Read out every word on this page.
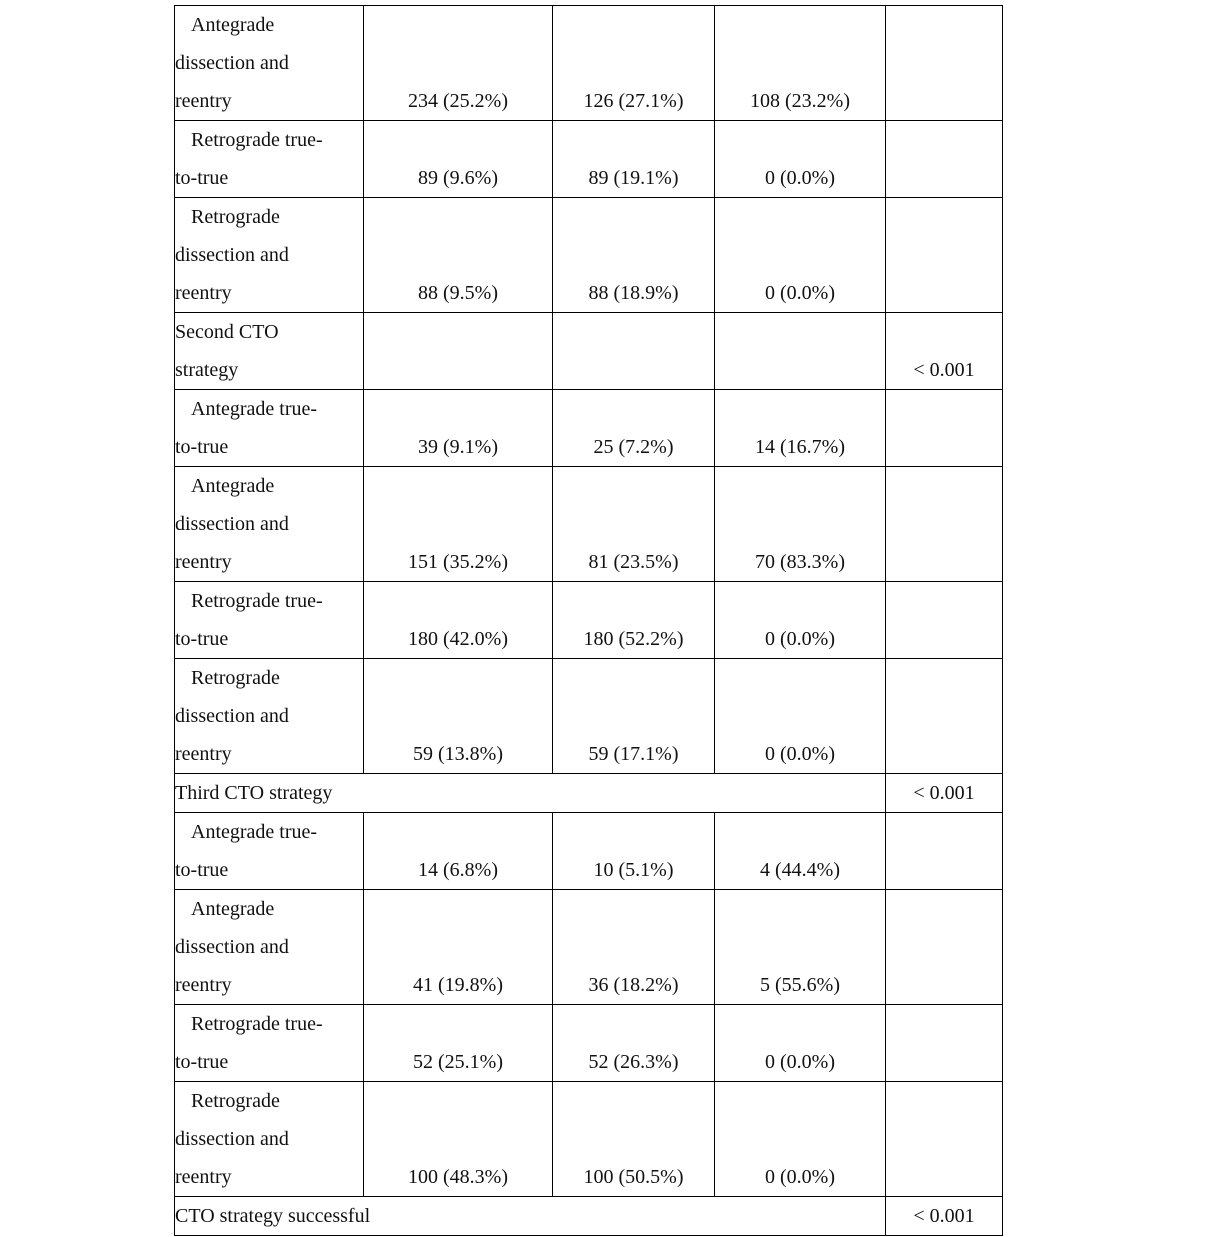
Antegrade
dissection and
reentry	234 (25.2%)	126 (27.1%)	108 (23.2%)	

Retrograde true-
to-true	89 (9.6%)	89 (19.1%)	0 (0.0%)	

Retrograde
dissection and
reentry	88 (9.5%)	88 (18.9%)	0 (0.0%)	

Second CTO
strategy				< 0.001

Antegrade true-
to-true	39 (9.1%)	25 (7.2%)	14 (16.7%)	

Antegrade
dissection and
reentry	151 (35.2%)	81 (23.5%)	70 (83.3%)	

Retrograde true-
to-true	180 (42.0%)	180 (52.2%)	0 (0.0%)	

Retrograde
dissection and
reentry	59 (13.8%)	59 (17.1%)	0 (0.0%)	
Third CTO strategy				< 0.001

Antegrade true-
to-true	14 (6.8%)	10 (5.1%)	4 (44.4%)	

Antegrade
dissection and
reentry	41 (19.8%)	36 (18.2%)	5 (55.6%)	

Retrograde true-
to-true	52 (25.1%)	52 (26.3%)	0 (0.0%)	

Retrograde
dissection and
reentry	100 (48.3%)	100 (50.5%)	0 (0.0%)	
CTO strategy successful				< 0.001
